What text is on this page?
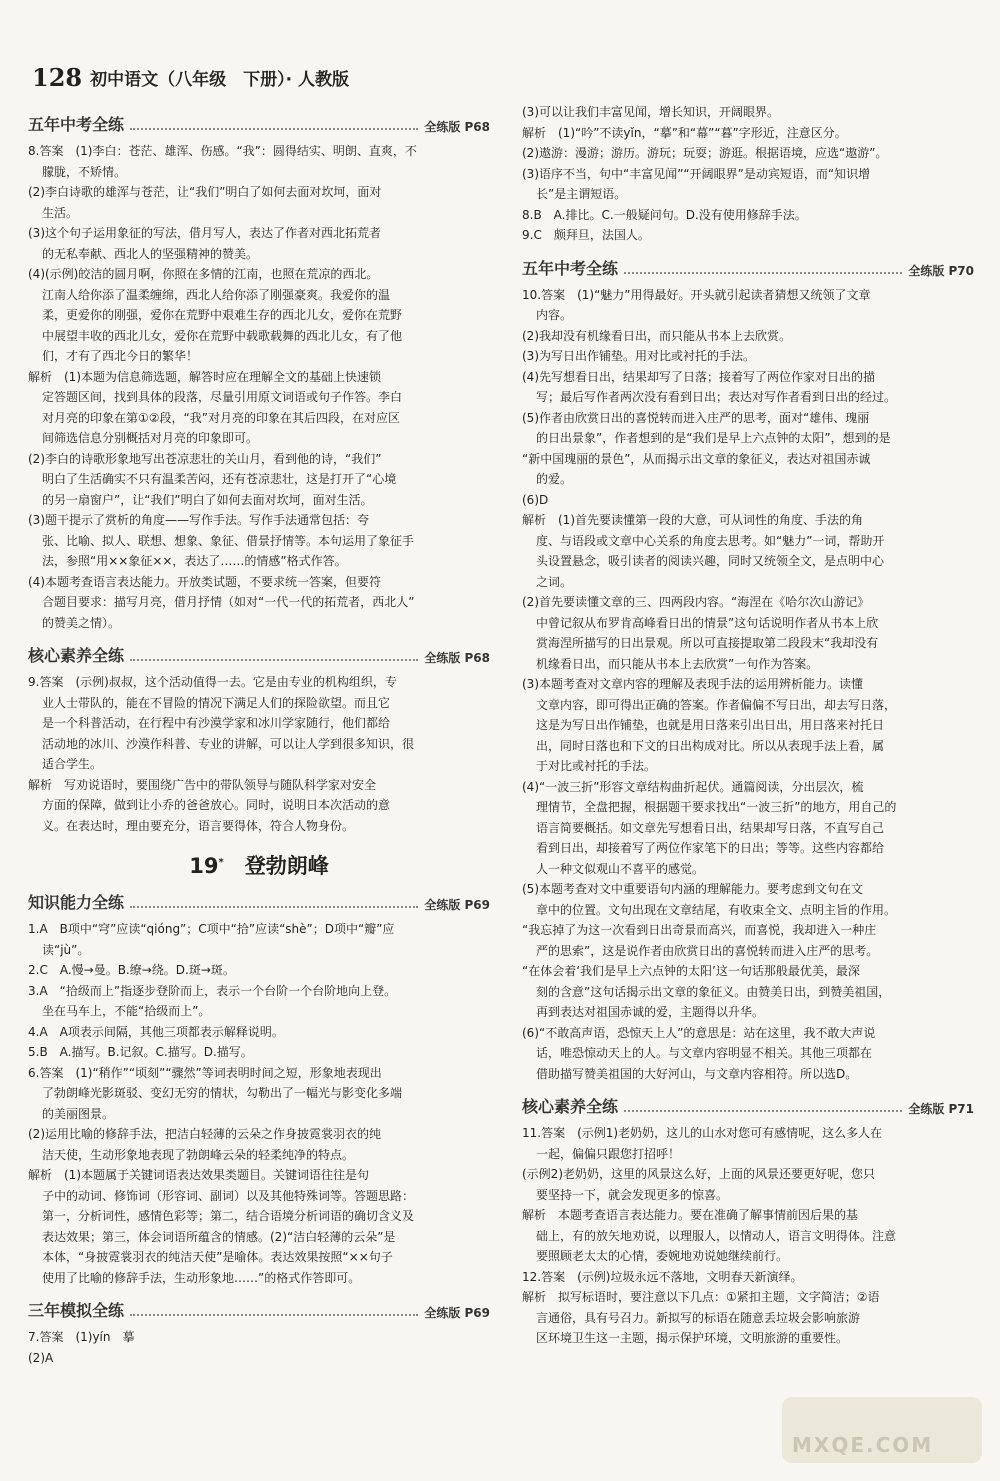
128 初中语文（八年级　下册）· 人教版
五年中考全练	全练版 P68
8.答案　(1)李白：苍茫、雄浑、伤感。“我”：圆得结实、明朗、直爽，不
朦胧，不矫情。
(2)李白诗歌的雄浑与苍茫，让“我们”明白了如何去面对坎坷，面对
生活。
(3)这个句子运用象征的写法，借月写人，表达了作者对西北拓荒者
的无私奉献、西北人的坚强精神的赞美。
(4)(示例)皎洁的圆月啊，你照在多情的江南，也照在荒凉的西北。
江南人给你添了温柔缠绵，西北人给你添了刚强豪爽。我爱你的温
柔，更爱你的刚强，爱你在荒野中艰难生存的西北儿女，爱你在荒野
中展望丰收的西北儿女，爱你在荒野中载歌载舞的西北儿女，有了他
们，才有了西北今日的繁华！
解析　(1)本题为信息筛选题，解答时应在理解全文的基础上快速锁
定答题区间，找到具体的段落，尽量引用原文词语或句子作答。李白
对月亮的印象在第①②段，“我”对月亮的印象在其后四段，在对应区
间筛选信息分别概括对月亮的印象即可。
(2)李白的诗歌形象地写出苍凉悲壮的关山月，看到他的诗，“我们”
明白了生活确实不只有温柔苦闷，还有苍凉悲壮，这是打开了“心境
的另一扇窗户”，让“我们”明白了如何去面对坎坷，面对生活。
(3)题干提示了赏析的角度——写作手法。写作手法通常包括：夸
张、比喻、拟人、联想、想象、象征、借景抒情等。本句运用了象征手
法，参照“用××象征××，表达了……的情感”格式作答。
(4)本题考查语言表达能力。开放类试题，不要求统一答案，但要符
合题目要求：描写月亮，借月抒情（如对“一代一代的拓荒者，西北人”
的赞美之情）。
核心素养全练	全练版 P68
9.答案　(示例)叔叔，这个活动值得一去。它是由专业的机构组织，专
业人士带队的，能在不冒险的情况下满足人们的探险欲望。而且它
是一个科普活动，在行程中有沙漠学家和冰川学家随行，他们都给
活动地的冰川、沙漠作科普、专业的讲解，可以让人学到很多知识，很
适合学生。
解析　写劝说语时，要围绕广告中的带队领导与随队科学家对安全
方面的保障，做到让小乔的爸爸放心。同时，说明日本次活动的意
义。在表达时，理由要充分，语言要得体，符合人物身份。
19*　 登勃朗峰
知识能力全练	全练版 P69
1.A　B项中“穹”应读“qióng”；C项中“拾”应读“shè”；D项中“瓣”应
读“jù”。
2.C　A.慢→曼。B.缭→绕。D.斑→斑。
3.A　“拾级而上”指逐步登阶而上，表示一个台阶一个台阶地向上登。
坐在马车上，不能“拾级而上”。
4.A　A项表示间隔，其他三项都表示解释说明。
5.B　A.描写。B.记叙。C.描写。D.描写。
6.答案　(1)“稍作”“顷刻”“骤然”等词表明时间之短，形象地表现出
了勃朗峰光影斑驳、变幻无穷的情状，勾勒出了一幅光与影变化多端
的美丽图景。
(2)运用比喻的修辞手法，把洁白轻薄的云朵之作身披霓裳羽衣的纯
洁天使，生动形象地表现了勃朗峰云朵的轻柔纯净的特点。
解析　(1)本题属于关键词语表达效果类题目。关键词语往往是句
子中的动词、修饰词（形容词、副词）以及其他特殊词等。答题思路：
第一，分析词性，感情色彩等；第二，结合语境分析词语的确切含义及
表达效果；第三，体会词语所蕴含的情感。(2)“洁白轻薄的云朵”是
本体，“身披霓裳羽衣的纯洁天使”是喻体。表达效果按照“××句子
使用了比喻的修辞手法，生动形象地……”的格式作答即可。
三年模拟全练	全练版 P69
7.答案　(1)yín　摹
(2)A
(3)可以让我们丰富见闻，增长知识，开阔眼界。
解析　(1)“吟”不读yǐn，“摹”和“幕”“暮”字形近，注意区分。
(2)遨游：漫游；游历。游玩；玩耍；游逛。根据语境，应选“遨游”。
(3)语序不当，句中“丰富见闻”“开阔眼界”是动宾短语，而“知识增
长”是主谓短语。
8.B　A.排比。C.一般疑问句。D.没有使用修辞手法。
9.C　颇拜旦，法国人。
五年中考全练	全练版 P70
10.答案　(1)“魅力”用得最好。开头就引起读者猜想又统领了文章
内容。
(2)我却没有机缘看日出，而只能从书本上去欣赏。
(3)为写日出作铺垫。用对比或衬托的手法。
(4)先写想看日出，结果却写了日落；接着写了两位作家对日出的描
写；最后写作者两次没有看到日出；表达对写作者看到日出的经过。
(5)作者由欣赏日出的喜悦转而进入庄严的思考，面对“雄伟、瑰丽
的日出景象”，作者想到的是“我们是早上六点钟的太阳”，想到的是
“新中国瑰丽的景色”，从而揭示出文章的象征义，表达对祖国赤诚
的爱。
(6)D
解析　(1)首先要读懂第一段的大意，可从词性的角度、手法的角
度、与语段或文章中心关系的角度去思考。如“魅力”一词，帮助开
头设置悬念，吸引读者的阅读兴趣，同时又统领全文，是点明中心
之词。
(2)首先要读懂文章的三、四两段内容。“海涅在《哈尔次山游记》
中曾记叙从布罗肯高峰看日出的情景”这句话说明作者从书本上欣
赏海涅所描写的日出景观。所以可直接提取第二段段末“我却没有
机缘看日出，而只能从书本上去欣赏”一句作为答案。
(3)本题考查对文章内容的理解及表现手法的运用辨析能力。读懂
文章内容，即可得出正确的答案。作者偏偏不写日出，却去写日落，
这是为写日出作铺垫，也就是用日落来引出日出，用日落来衬托日
出，同时日落也和下文的日出构成对比。所以从表现手法上看，属
于对比或衬托的手法。
(4)“一波三折”形容文章结构曲折起伏。通篇阅读，分出层次，梳
理情节，全盘把握，根据题干要求找出“一波三折”的地方，用自己的
语言简要概括。如文章先写想看日出，结果却写日落，不直写自己
看到日出，却接着写了两位作家笔下的日出；等等。这些内容都给
人一种文似观山不喜平的感觉。
(5)本题考查对文中重要语句内涵的理解能力。要考虑到文句在文
章中的位置。文句出现在文章结尾，有收束全文、点明主旨的作用。
“我忘掉了为这一次看到日出奇景而高兴，而喜悦，我却进入一种庄
严的思索”，这是说作者由欣赏日出的喜悦转而进入庄严的思考。
“在体会着‘我们是早上六点钟的太阳’这一句话那般最优美，最深
刻的含意”这句话揭示出文章的象征义。由赞美日出，到赞美祖国，
再到表达对祖国赤诚的爱，主题得以升华。
(6)“不敢高声语，恐惊天上人”的意思是：站在这里，我不敢大声说
话，唯恐惊动天上的人。与文章内容明显不相关。其他三项都在
借助描写赞美祖国的大好河山，与文章内容相符。所以选D。
核心素养全练	全练版 P71
11.答案　(示例1)老奶奶，这儿的山水对您可有感情呢，这么多人在
一起，偏偏只跟您打招呼！
(示例2)老奶奶，这里的风景这么好，上面的风景还要更好呢，您只
要坚持一下，就会发现更多的惊喜。
解析　本题考查语言表达能力。要在准确了解事情前因后果的基
础上，有的放矢地劝说，以理服人，以情动人，语言文明得体。注意
要照顾老太太的心情，委婉地劝说她继续前行。
12.答案　(示例)垃圾永远不落地，文明春天新演绎。
解析　拟写标语时，要注意以下几点：①紧扣主题，文字简洁；②语
言通俗，具有号召力。新拟写的标语在随意丢垃圾会影响旅游
区环境卫生这一主题，揭示保护环境，文明旅游的重要性。
MXQE.COM
